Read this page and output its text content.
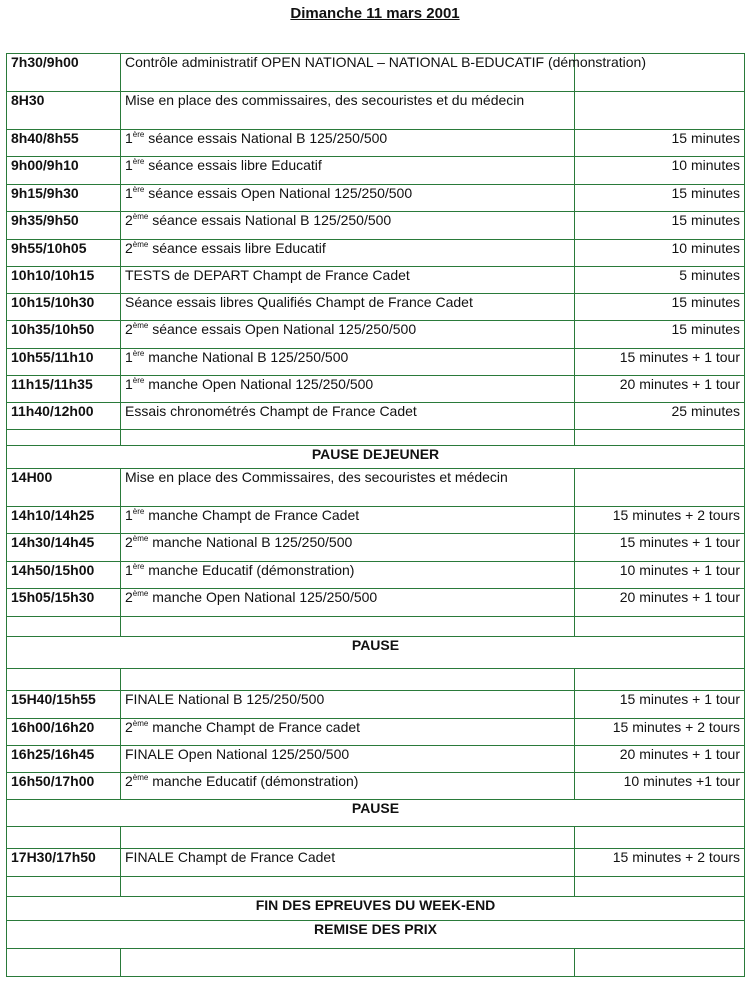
Dimanche 11 mars 2001
7h30/9h00	Contrôle administratif OPEN NATIONAL – NATIONAL B-EDUCATIF (démonstration)	
8H30	Mise en place des commissaires, des secouristes et du médecin	
8h40/8h55	1ère séance essais National B 125/250/500	15 minutes
9h00/9h10	1ère séance essais libre Educatif	10 minutes
9h15/9h30	1ère séance essais Open National 125/250/500	15 minutes
9h35/9h50	2ème séance essais National B 125/250/500	15 minutes
9h55/10h05	2ème séance essais libre Educatif	10 minutes
10h10/10h15	TESTS de DEPART Champt de France Cadet	5 minutes
10h15/10h30	Séance essais libres Qualifiés Champt de France Cadet	15 minutes
10h35/10h50	2ème séance essais Open National 125/250/500	15 minutes
10h55/11h10	1ère manche National B 125/250/500	15 minutes + 1 tour
11h15/11h35	1ère manche Open National 125/250/500	20 minutes + 1 tour
11h40/12h00	Essais chronométrés Champt de France Cadet	25 minutes

PAUSE DEJEUNER		
14H00	Mise en place des Commissaires, des secouristes et médecin	
14h10/14h25	1ère manche Champt de France Cadet	15 minutes + 2 tours
14h30/14h45	2ème manche National B 125/250/500	15 minutes + 1 tour
14h50/15h00	1ère manche Educatif (démonstration)	10 minutes + 1 tour
15h05/15h30	2ème manche Open National 125/250/500	20 minutes + 1 tour

PAUSE		

15H40/15h55	FINALE National B 125/250/500	15 minutes + 1 tour
16h00/16h20	2ème manche Champt de France cadet	15 minutes + 2 tours
16h25/16h45	FINALE Open National 125/250/500	20 minutes + 1 tour
16h50/17h00	2ème manche Educatif (démonstration)	10 minutes +1 tour
PAUSE		

17H30/17h50	FINALE Champt de France Cadet	15 minutes + 2 tours

FIN DES EPREUVES DU WEEK-END		
REMISE DES PRIX		
